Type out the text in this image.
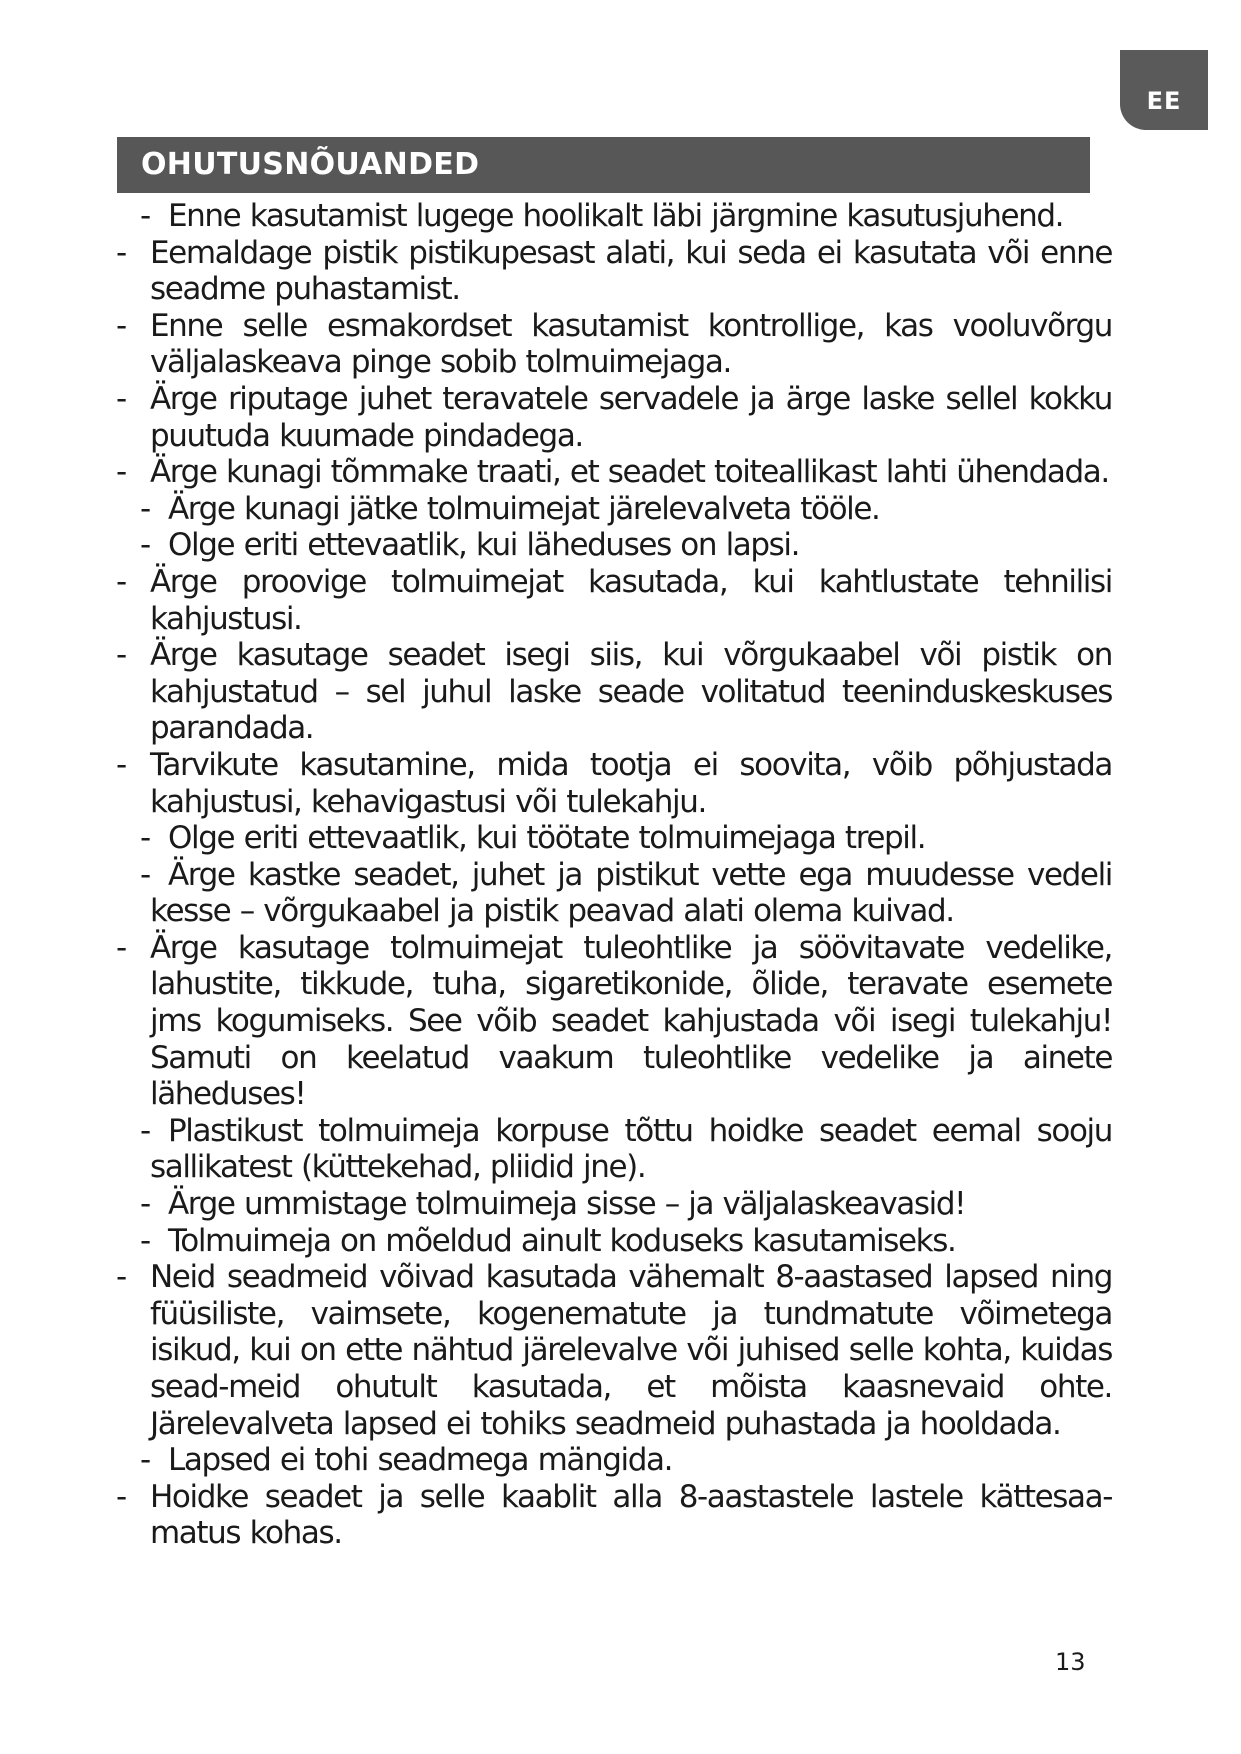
EE
OHUTUSNÕUANDED
- Enne kasutamist lugege hoolikalt läbi järgmine kasutusjuhend.
- Eemaldage pistik pistikupesast alati, kui seda ei kasutata või enne seadme puhastamist.
- Enne selle esmakordset kasutamist kontrollige, kas vooluvõrgu väljalaskeava pinge sobib tolmuimejaga.
- Ärge riputage juhet teravatele servadele ja ärge laske sellel kokku puutuda kuumade pindadega.
- Ärge kunagi tõmmake traati, et seadet toiteallikast lahti ühendada.
- Ärge kunagi jätke tolmuimejat järelevalveta tööle.
- Olge eriti ettevaatlik, kui läheduses on lapsi.
- Ärge proovige tolmuimejat kasutada, kui kahtlustate tehnilisi kahjustusi.
- Ärge kasutage seadet isegi siis, kui võrgukaabel või pistik on kahjustatud – sel juhul laske seade volitatud teeninduskeskuses parandada.
- Tarvikute kasutamine, mida tootja ei soovita, võib põhjustada kahjustusi, kehavigastusi või tulekahju.
- Olge eriti ettevaatlik, kui töötate tolmuimejaga trepil.
- Ärge kastke seadet, juhet ja pistikut vette ega muudesse vedeli kesse – võrgukaabel ja pistik peavad alati olema kuivad.
- Ärge kasutage tolmuimejat tuleohtlike ja söövitavate vedelike, lahustite, tikkude, tuha, sigaretikonide, õlide, teravate esemete jms kogumiseks. See võib seadet kahjustada või isegi tulekahju! Samuti on keelatud vaakum tuleohtlike vedelike ja ainete läheduses!
- Plastikust tolmuimeja korpuse tõttu hoidke seadet eemal sooju sallikatest (küttekehad, pliidid jne).
- Ärge ummistage tolmuimeja sisse – ja väljalaskeavasid!
- Tolmuimeja on mõeldud ainult koduseks kasutamiseks.
- Neid seadmeid võivad kasutada vähemalt 8-aastased lapsed ning füüsiliste, vaimsete, kogenematute ja tundmatute võimetega isikud, kui on ette nähtud järelevalve või juhised selle kohta, kuidas sead-meid ohutult kasutada, et mõista kaasnevaid ohte. Järelevalveta lapsed ei tohiks seadmeid puhastada ja hooldada.
- Lapsed ei tohi seadmega mängida.
- Hoidke seadet ja selle kaablit alla 8-aastastele lastele kättesaa-matus kohas.
13
